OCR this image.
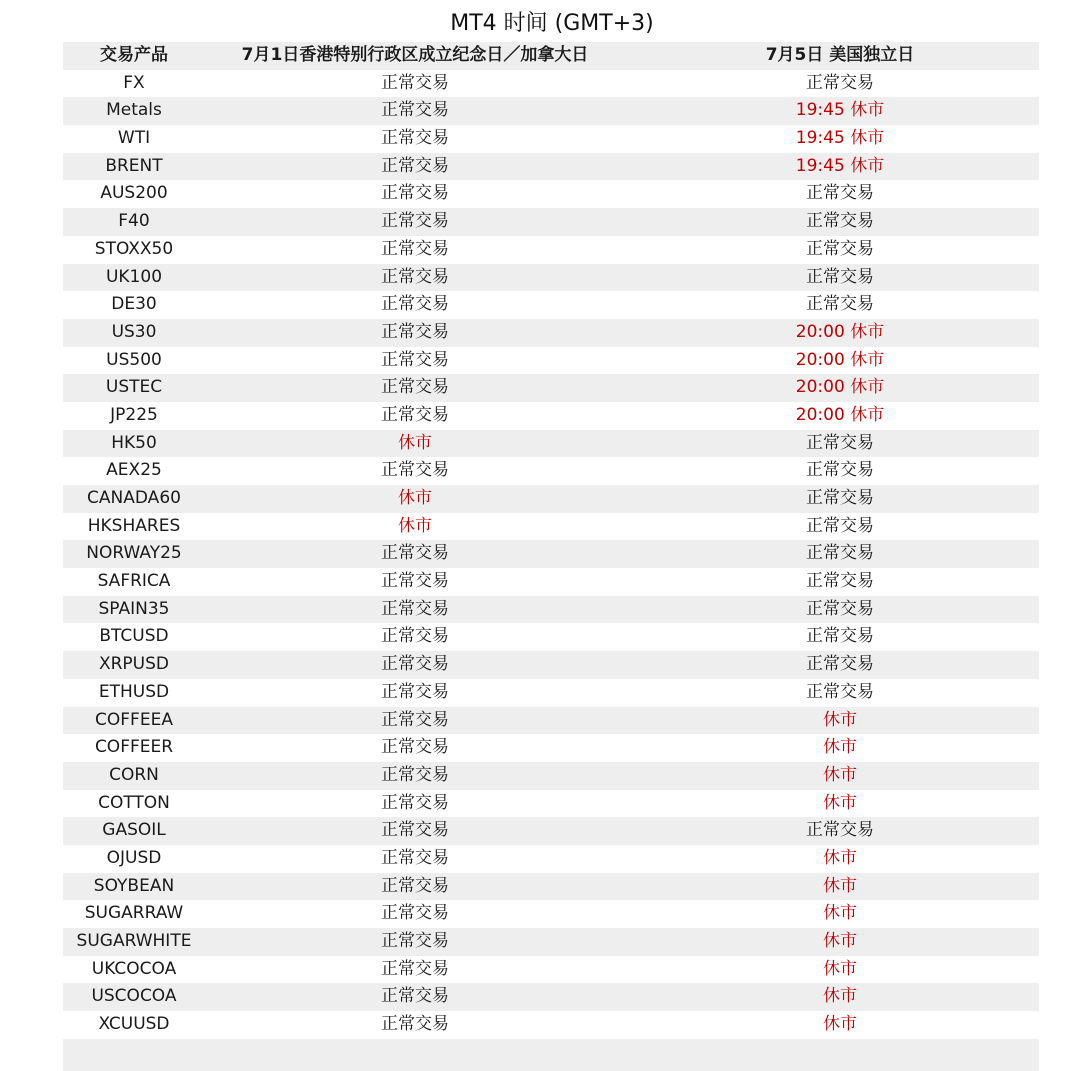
MT4 时间 (GMT+3)
交易产品	7月1日香港特别行政区成立纪念日／加拿大日	7月5日 美国独立日
FX	正常交易	正常交易
Metals	正常交易	19:45 休市
WTI	正常交易	19:45 休市
BRENT	正常交易	19:45 休市
AUS200	正常交易	正常交易
F40	正常交易	正常交易
STOXX50	正常交易	正常交易
UK100	正常交易	正常交易
DE30	正常交易	正常交易
US30	正常交易	20:00 休市
US500	正常交易	20:00 休市
USTEC	正常交易	20:00 休市
JP225	正常交易	20:00 休市
HK50	休市	正常交易
AEX25	正常交易	正常交易
CANADA60	休市	正常交易
HKSHARES	休市	正常交易
NORWAY25	正常交易	正常交易
SAFRICA	正常交易	正常交易
SPAIN35	正常交易	正常交易
BTCUSD	正常交易	正常交易
XRPUSD	正常交易	正常交易
ETHUSD	正常交易	正常交易
COFFEEA	正常交易	休市
COFFEER	正常交易	休市
CORN	正常交易	休市
COTTON	正常交易	休市
GASOIL	正常交易	正常交易
OJUSD	正常交易	休市
SOYBEAN	正常交易	休市
SUGARRAW	正常交易	休市
SUGARWHITE	正常交易	休市
UKCOCOA	正常交易	休市
USCOCOA	正常交易	休市
XCUUSD	正常交易	休市
